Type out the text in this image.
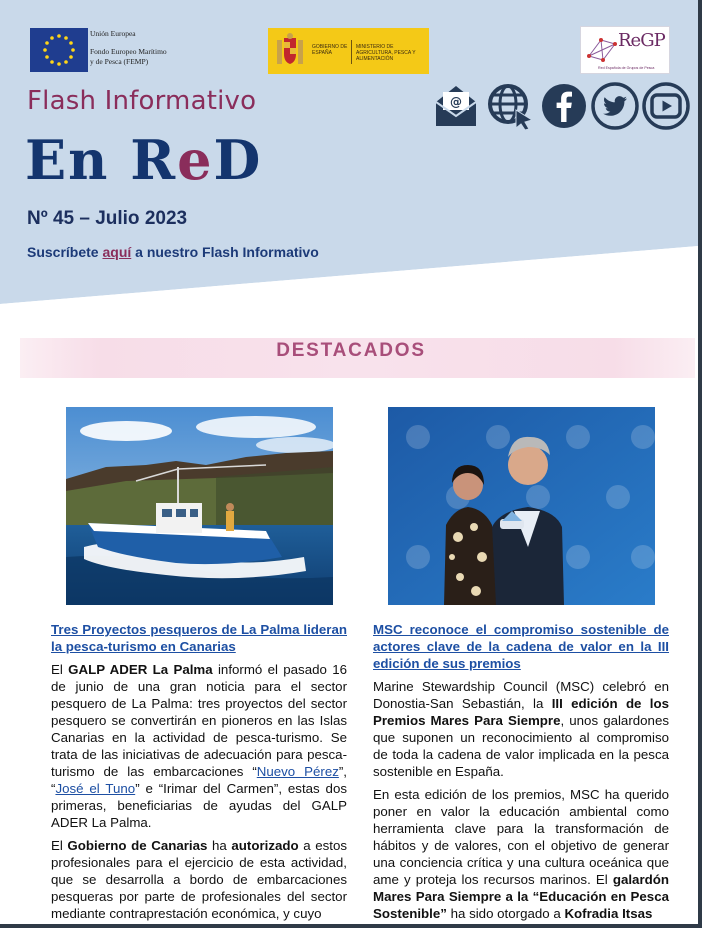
Unión Europea
Fondo Europeo Marítimo
y de Pesca (FEMP)
GOBIERNO DE ESPAÑA
MINISTERIO DE AGRICULTURA, PESCA Y ALIMENTACIÓN
ReGP
Red Española de Grupos de Pesca
Flash Informativo
En ReD
Nº 45 – Julio 2023
Suscríbete aquí a nuestro Flash Informativo
@
DESTACADOS
Tres Proyectos pesqueros de La Palma lideran la pesca-turismo en Canarias

El GALP ADER La Palma informó el pasado 16 de junio de una gran noticia para el sector pesquero de La Palma: tres proyectos del sector pesquero se convertirán en pioneros en las Islas Canarias en la actividad de pesca-turismo. Se trata de las iniciativas de adecuación para pesca-turismo de las embarcaciones “Nuevo Pérez”, “José el Tuno” e “Irimar del Carmen”, estas dos primeras, beneficiarias de ayudas del GALP ADER La Palma.

El Gobierno de Canarias ha autorizado a estos profesionales para el ejercicio de esta actividad, que se desarrolla a bordo de embarcaciones pesqueras por parte de profesionales del sector mediante contraprestación económica, y cuyo

MSC reconoce el compromiso sostenible de actores clave de la cadena de valor en la III edición de sus premios

Marine Stewardship Council (MSC) celebró en Donostia-San Sebastián, la III edición de los Premios Mares Para Siempre, unos galardones que suponen un reconocimiento al compromiso de toda la cadena de valor implicada en la pesca sostenible en España.

En esta edición de los premios, MSC ha querido poner en valor la educación ambiental como herramienta clave para la transformación de hábitos y de valores, con el objetivo de generar una conciencia crítica y una cultura oceánica que ame y proteja los recursos marinos. El galardón Mares Para Siempre a la “Educación en Pesca Sostenible” ha sido otorgado a Kofradia Itsas
